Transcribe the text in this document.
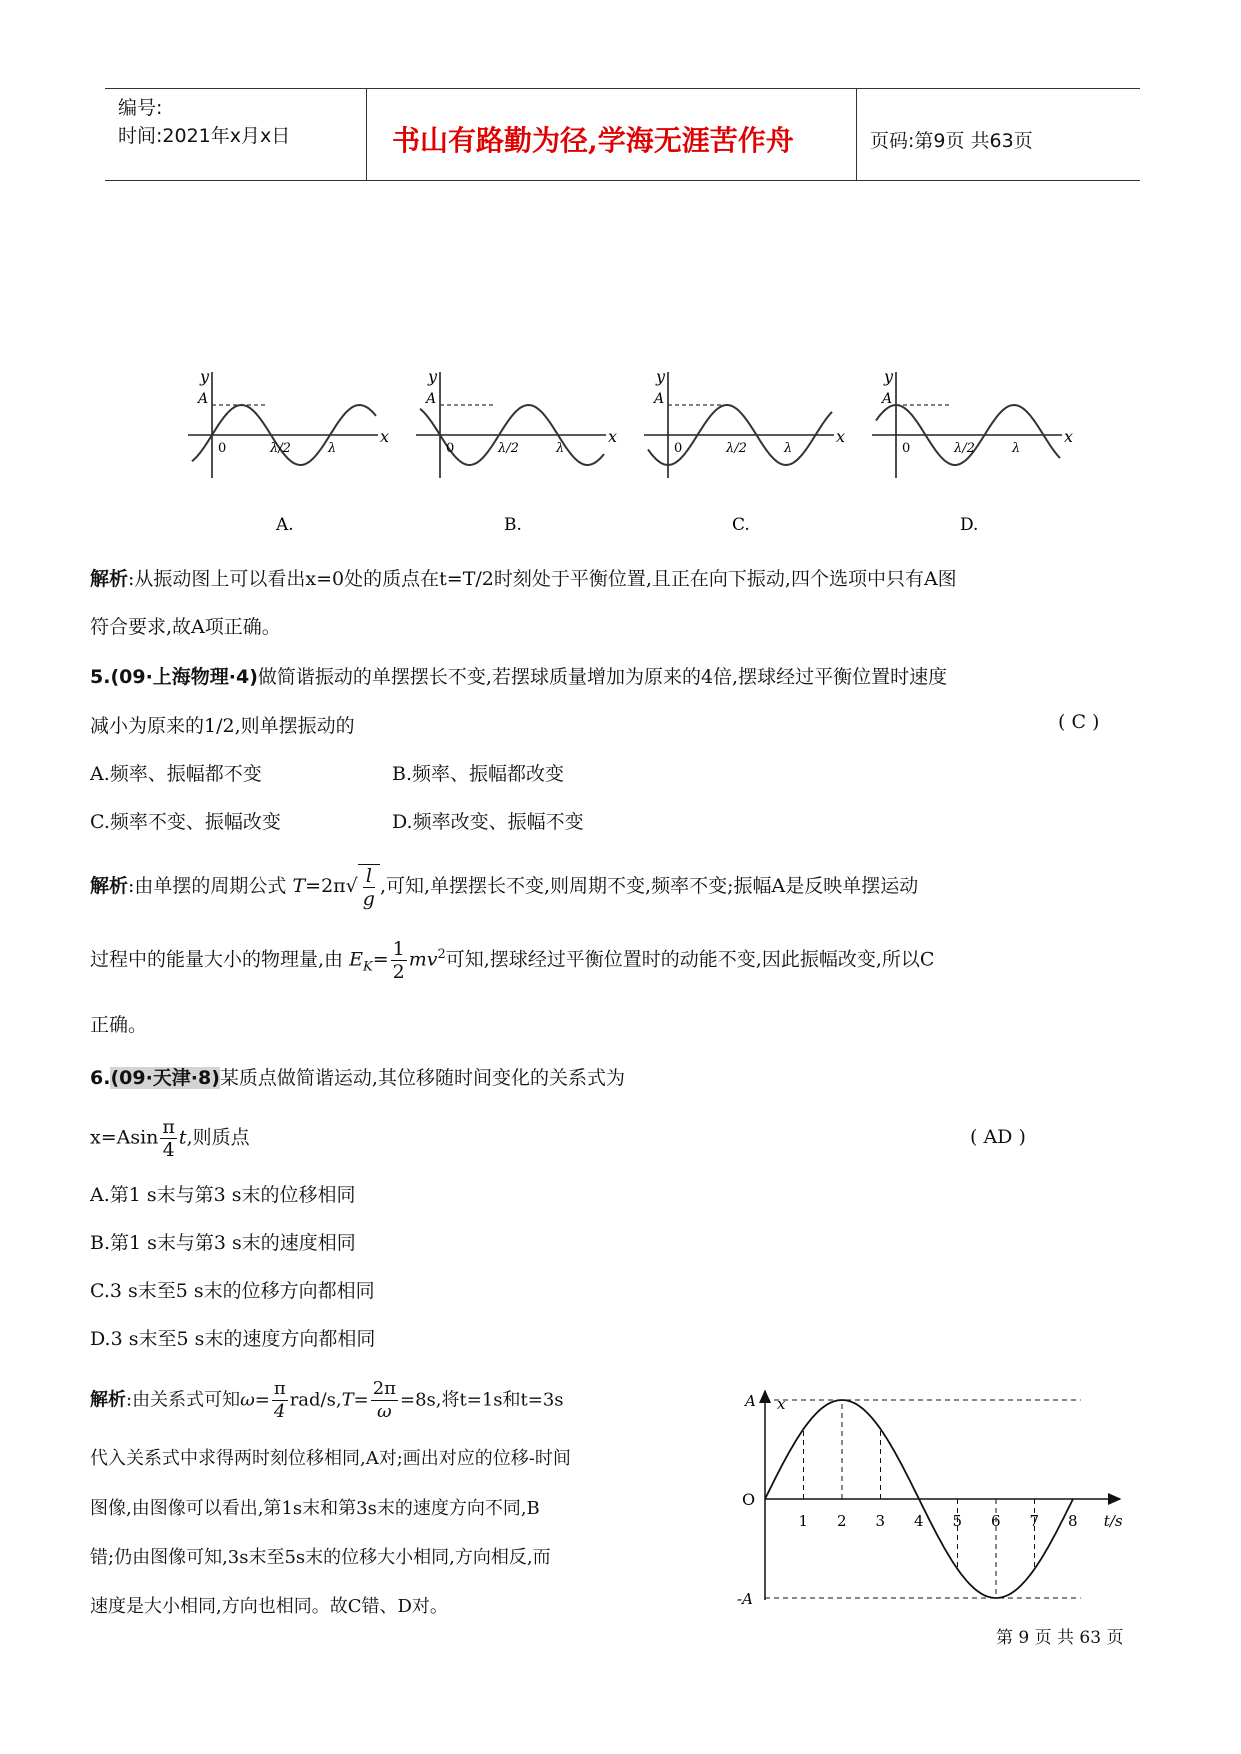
编号:
时间:2021年x月x日	书山有路勤为径,学海无涯苦作舟	页码:第9页 共63页
y
A
0	λ/2	λ
x
A.
y
A
0	λ/2	λ
x
B.
y
A
0	λ/2	λ
x
C.
y
A
0	λ/2	λ
x
D.
解析:从振动图上可以看出x=0处的质点在t=T/2时刻处于平衡位置,且正在向下振动,四个选项中只有A图
符合要求,故A项正确。
5.(09·上海物理·4)做简谐振动的单摆摆长不变,若摆球质量增加为原来的4倍,摆球经过平衡位置时速度
减小为原来的1/2,则单摆振动的	( C )
A.频率、振幅都不变	B.频率、振幅都改变
C.频率不变、振幅改变	D.频率改变、振幅不变
解析:由单摆的周期公式 $T=2\pi√ \frac{l}{g}$ ,可知,单摆摆长不变,则周期不变,频率不变;振幅A是反映单摆运动
过程中的能量大小的物理量,由 $E_K= \frac{1}{2} mv^2$可知,摆球经过平衡位置时的动能不变,因此振幅改变,所以C
正确。
6.(09·天津·8)某质点做简谐运动,其位移随时间变化的关系式为
$x=Asin \frac{\pi}{4} t$,则质点	( AD )
A.第1 s末与第3 s末的位移相同
B.第1 s末与第3 s末的速度相同
C.3 s末至5 s末的位移方向都相同
D.3 s末至5 s末的速度方向都相同
解析:由关系式可知$\omega= \frac{\pi}{4} rad/s,T= \frac{2\pi}{\omega} =8s$,将t=1s和t=3s
代入关系式中求得两时刻位移相同,A对;画出对应的位移-时间
图像,由图像可以看出,第1s末和第3s末的速度方向不同,B
错;仍由图像可知,3s末至5s末的位移大小相同,方向相反,而
速度是大小相同,方向也相同。故C错、D对。
1 2 3 4 5 6 7 8
O
A
-A
x
t/s
第 9 页 共 63 页
